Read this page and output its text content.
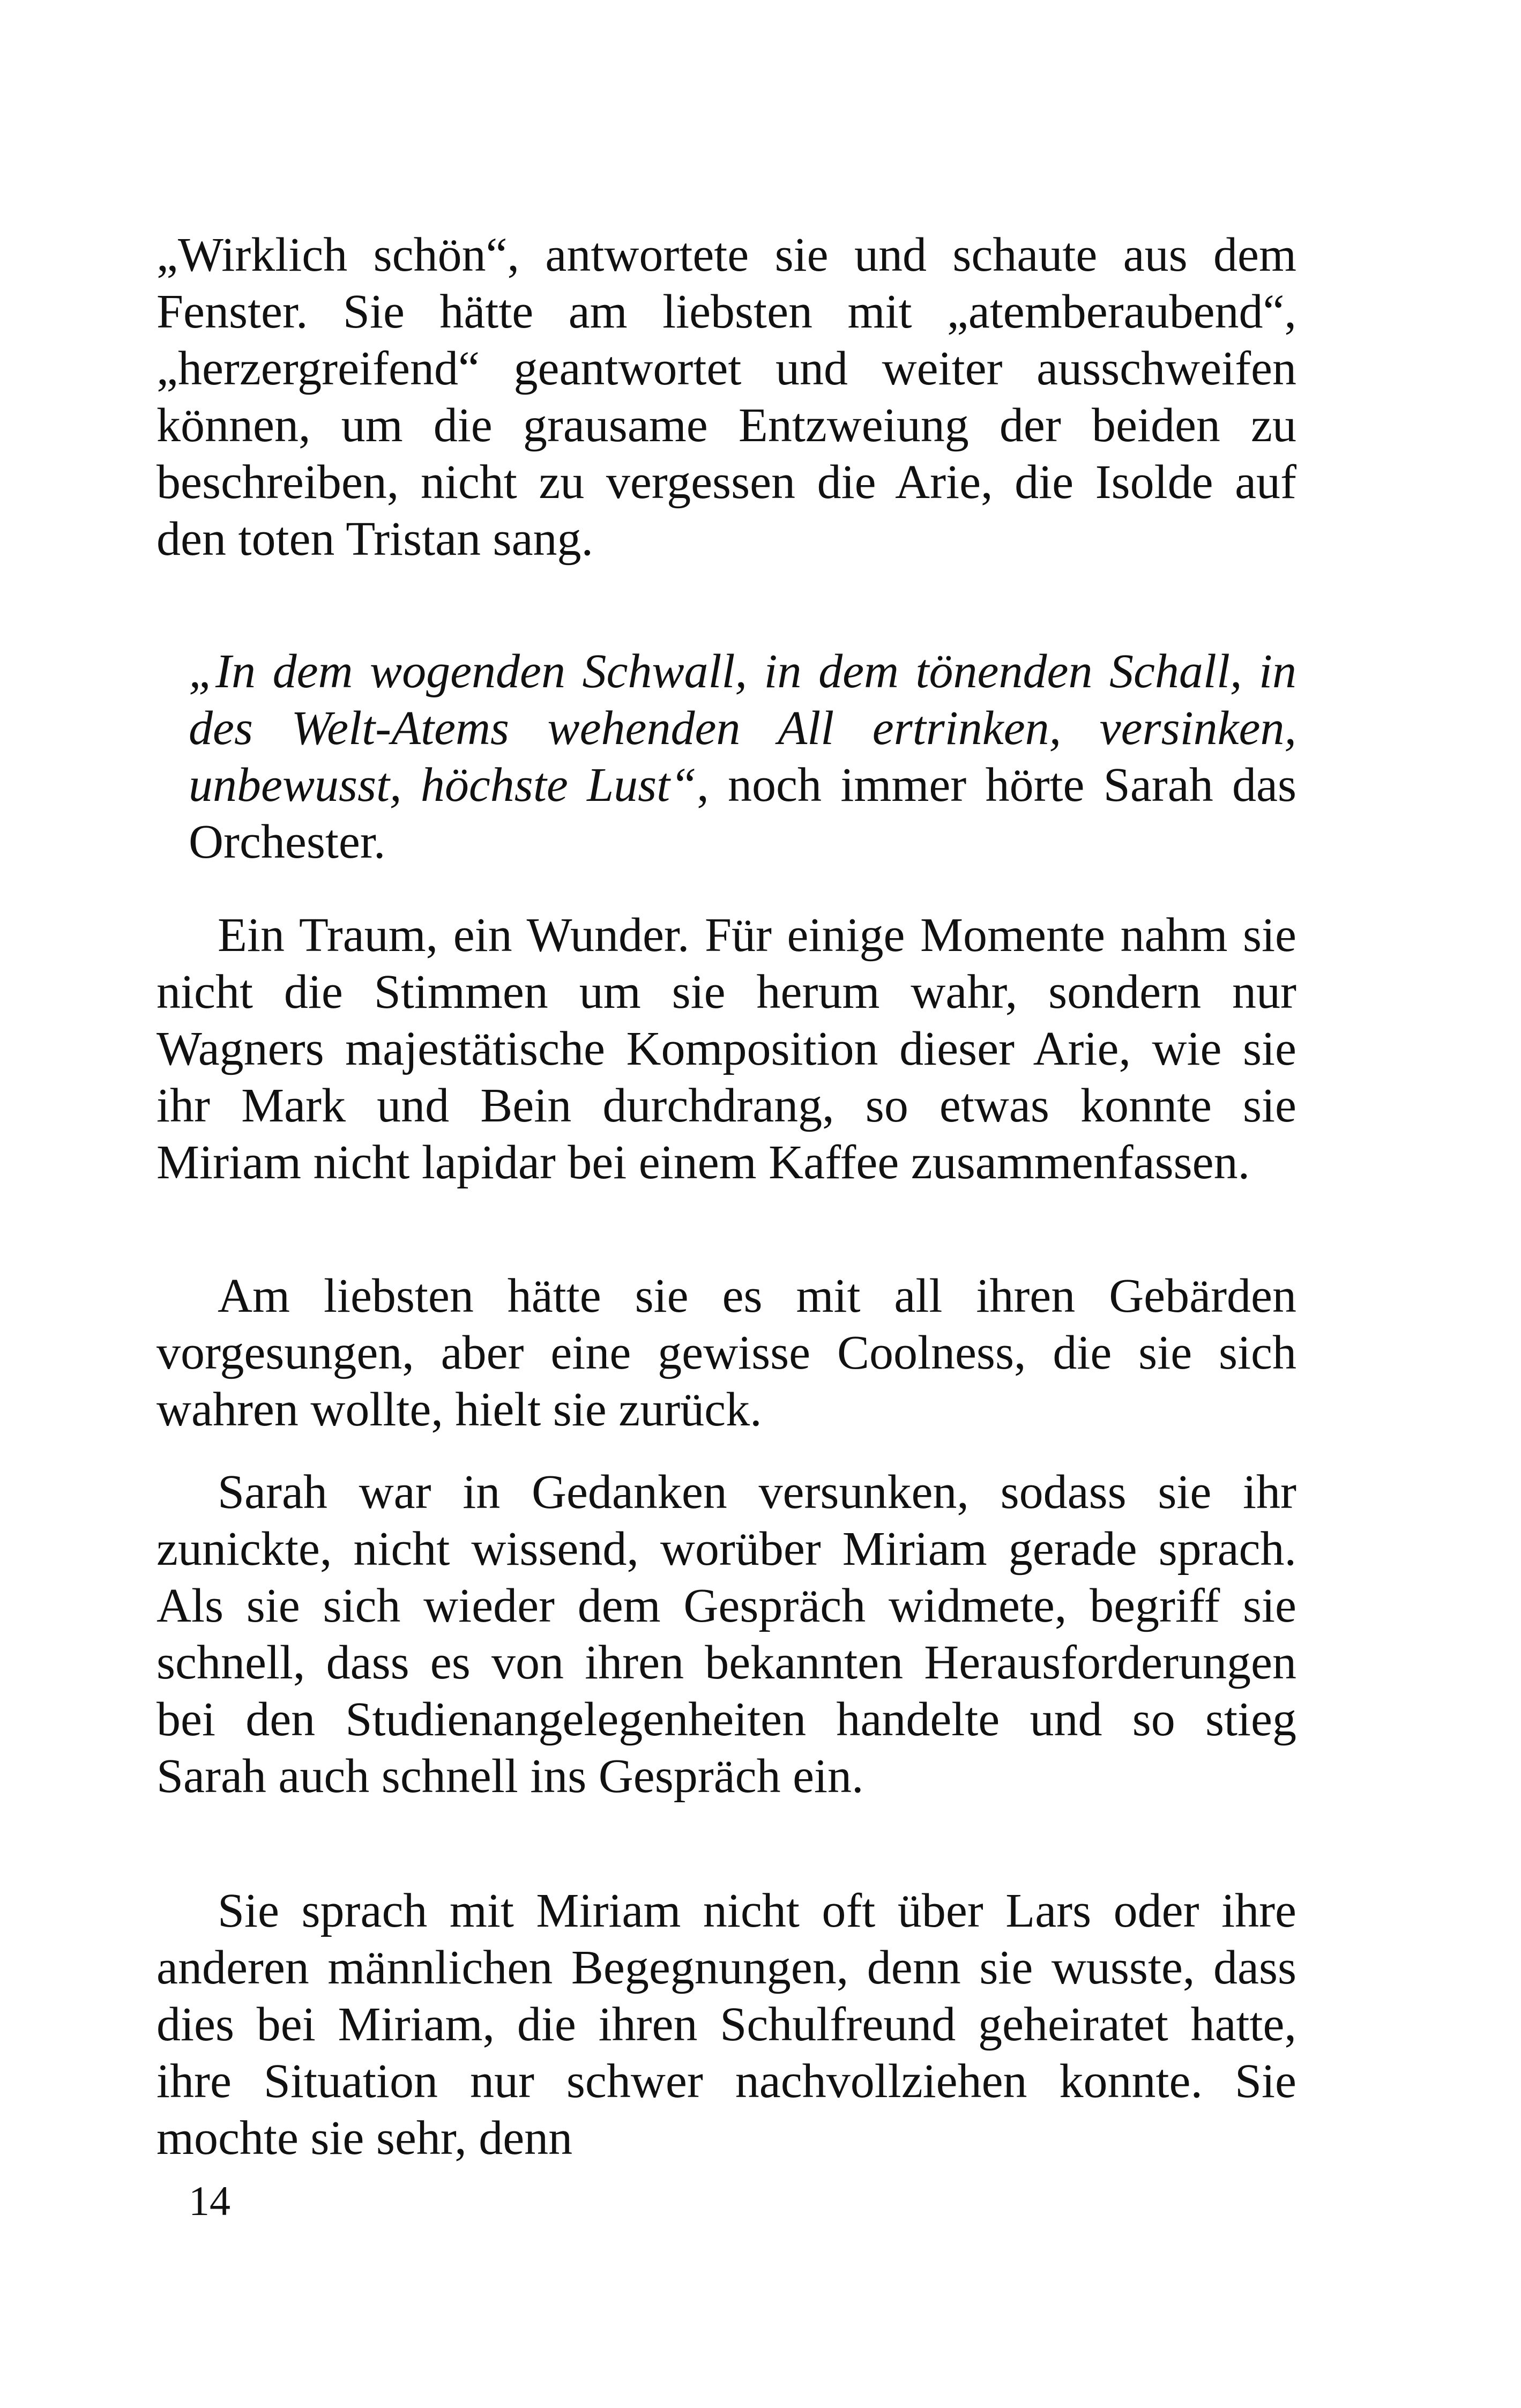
„Wirklich schön“, antwortete sie und schaute aus dem Fenster. Sie hätte am liebsten mit „atemberaubend“, „herzergreifend“ geantwortet und weiter ausschweifen können, um die grausame Entzweiung der beiden zu beschreiben, nicht zu vergessen die Arie, die Isolde auf den toten Tristan sang.

„In dem wogenden Schwall, in dem tönenden Schall, in des Welt-Atems wehenden All ertrinken, versinken, unbewusst, höchste Lust“, noch immer hörte Sarah das Orchester.

Ein Traum, ein Wunder. Für einige Momente nahm sie nicht die Stimmen um sie herum wahr, sondern nur Wagners majestätische Komposition dieser Arie, wie sie ihr Mark und Bein durchdrang, so etwas konnte sie Miriam nicht lapidar bei einem Kaffee zusammenfassen.

Am liebsten hätte sie es mit all ihren Gebärden vorgesungen, aber eine gewisse Coolness, die sie sich wahren wollte, hielt sie zurück.

Sarah war in Gedanken versunken, sodass sie ihr zunickte, nicht wissend, worüber Miriam gerade sprach. Als sie sich wieder dem Gespräch widmete, begriff sie schnell, dass es von ihren bekannten Herausforderungen bei den Studienangelegenheiten handelte und so stieg Sarah auch schnell ins Gespräch ein.

Sie sprach mit Miriam nicht oft über Lars oder ihre anderen männlichen Begegnungen, denn sie wusste, dass dies bei Miriam, die ihren Schulfreund geheiratet hatte, ihre Situation nur schwer nachvollziehen konnte. Sie mochte sie sehr, denn

14
